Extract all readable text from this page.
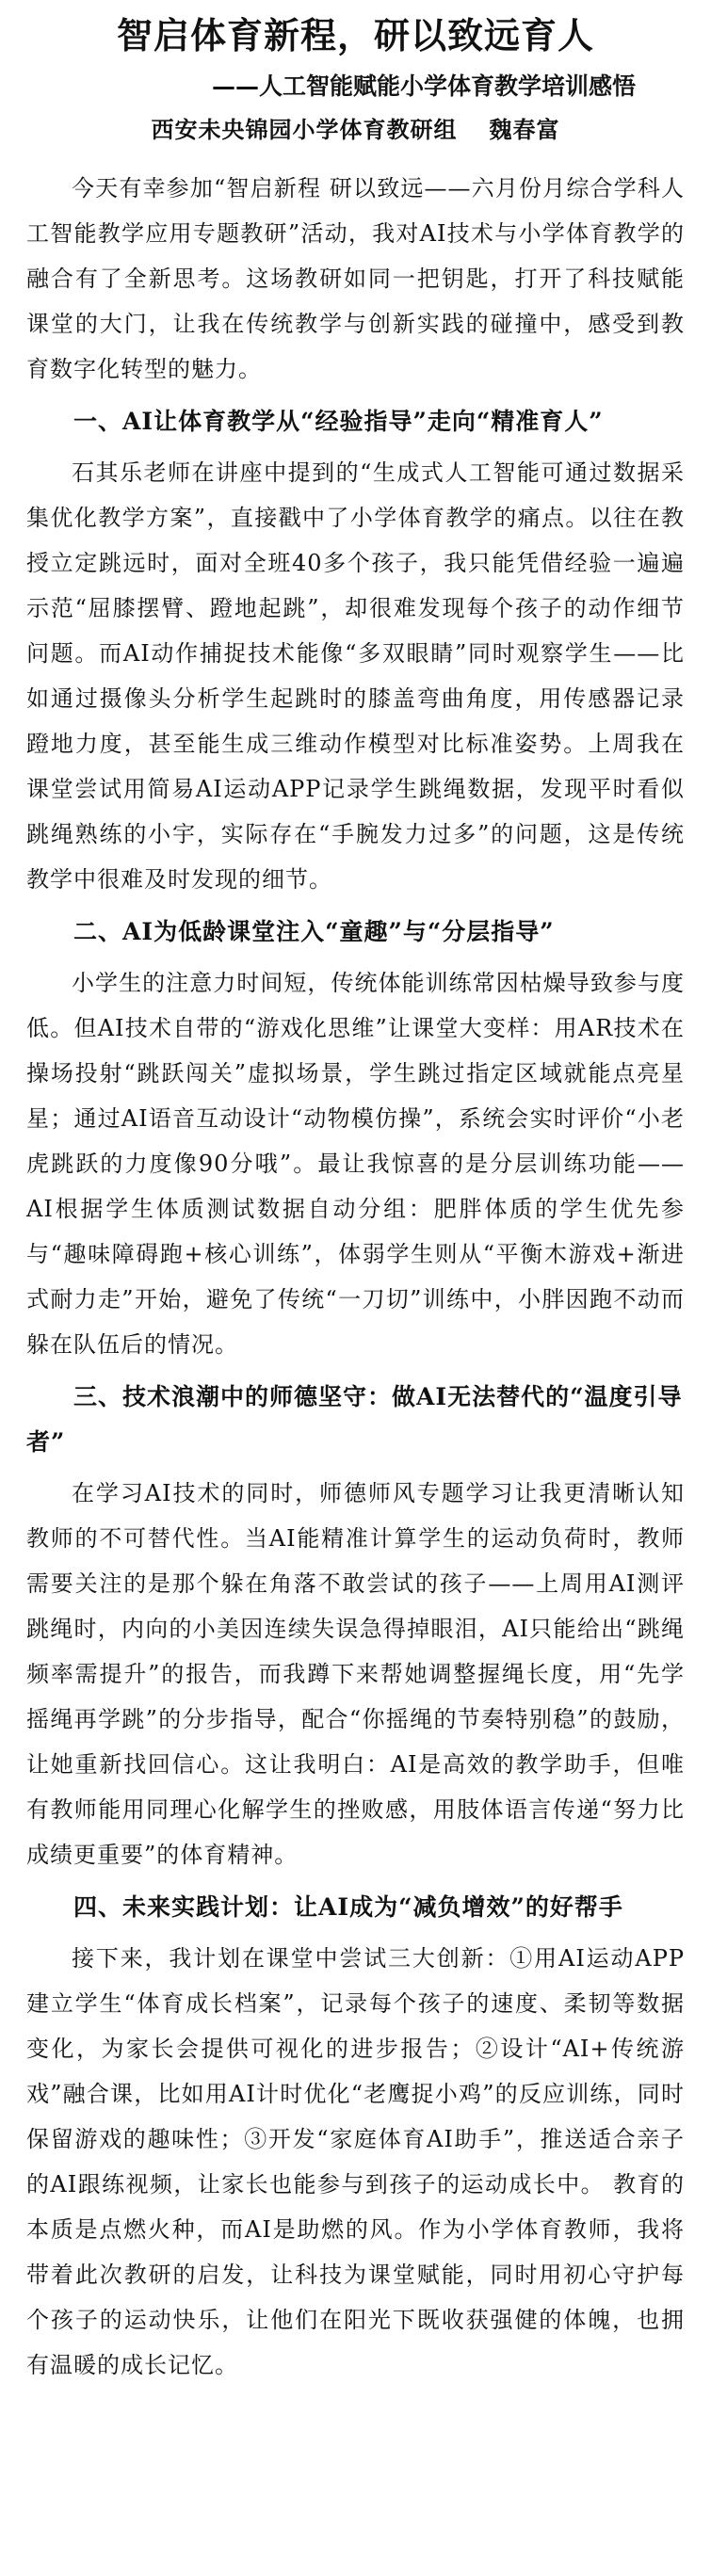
智启体育新程，研以致远育人

——人工智能赋能小学体育教学培训感悟

西安未央锦园小学体育教研组 魏春富

今天有幸参加“智启新程 研以致远——六月份月综合学科人工智能教学应用专题教研”活动，我对AI技术与小学体育教学的融合有了全新思考。这场教研如同一把钥匙，打开了科技赋能课堂的大门，让我在传统教学与创新实践的碰撞中，感受到教育数字化转型的魅力。

一、AI让体育教学从“经验指导”走向“精准育人”

石其乐老师在讲座中提到的“生成式人工智能可通过数据采集优化教学方案”，直接戳中了小学体育教学的痛点。以往在教授立定跳远时，面对全班40多个孩子，我只能凭借经验一遍遍示范“屈膝摆臂、蹬地起跳”，却很难发现每个孩子的动作细节问题。而AI动作捕捉技术能像“多双眼睛”同时观察学生——比如通过摄像头分析学生起跳时的膝盖弯曲角度，用传感器记录蹬地力度，甚至能生成三维动作模型对比标准姿势。上周我在课堂尝试用简易AI运动APP记录学生跳绳数据，发现平时看似跳绳熟练的小宇，实际存在“手腕发力过多”的问题，这是传统教学中很难及时发现的细节。

二、AI为低龄课堂注入“童趣”与“分层指导”

小学生的注意力时间短，传统体能训练常因枯燥导致参与度低。但AI技术自带的“游戏化思维”让课堂大变样：用AR技术在操场投射“跳跃闯关”虚拟场景，学生跳过指定区域就能点亮星星；通过AI语音互动设计“动物模仿操”，系统会实时评价“小老虎跳跃的力度像90分哦”。最让我惊喜的是分层训练功能——AI根据学生体质测试数据自动分组：肥胖体质的学生优先参与“趣味障碍跑+核心训练”，体弱学生则从“平衡木游戏+渐进式耐力走”开始，避免了传统“一刀切”训练中，小胖因跑不动而躲在队伍后的情况。

三、技术浪潮中的师德坚守：做AI无法替代的“温度引导者”

在学习AI技术的同时，师德师风专题学习让我更清晰认知教师的不可替代性。当AI能精准计算学生的运动负荷时，教师需要关注的是那个躲在角落不敢尝试的孩子——上周用AI测评跳绳时，内向的小美因连续失误急得掉眼泪，AI只能给出“跳绳频率需提升”的报告，而我蹲下来帮她调整握绳长度，用“先学摇绳再学跳”的分步指导，配合“你摇绳的节奏特别稳”的鼓励，让她重新找回信心。这让我明白：AI是高效的教学助手，但唯有教师能用同理心化解学生的挫败感，用肢体语言传递“努力比成绩更重要”的体育精神。

四、未来实践计划：让AI成为“减负增效”的好帮手

接下来，我计划在课堂中尝试三大创新：①用AI运动APP建立学生“体育成长档案”，记录每个孩子的速度、柔韧等数据变化，为家长会提供可视化的进步报告；②设计“AI+传统游戏”融合课，比如用AI计时优化“老鹰捉小鸡”的反应训练，同时保留游戏的趣味性；③开发“家庭体育AI助手”，推送适合亲子的AI跟练视频，让家长也能参与到孩子的运动成长中。 教育的本质是点燃火种，而AI是助燃的风。作为小学体育教师，我将带着此次教研的启发，让科技为课堂赋能，同时用初心守护每个孩子的运动快乐，让他们在阳光下既收获强健的体魄，也拥有温暖的成长记忆。
